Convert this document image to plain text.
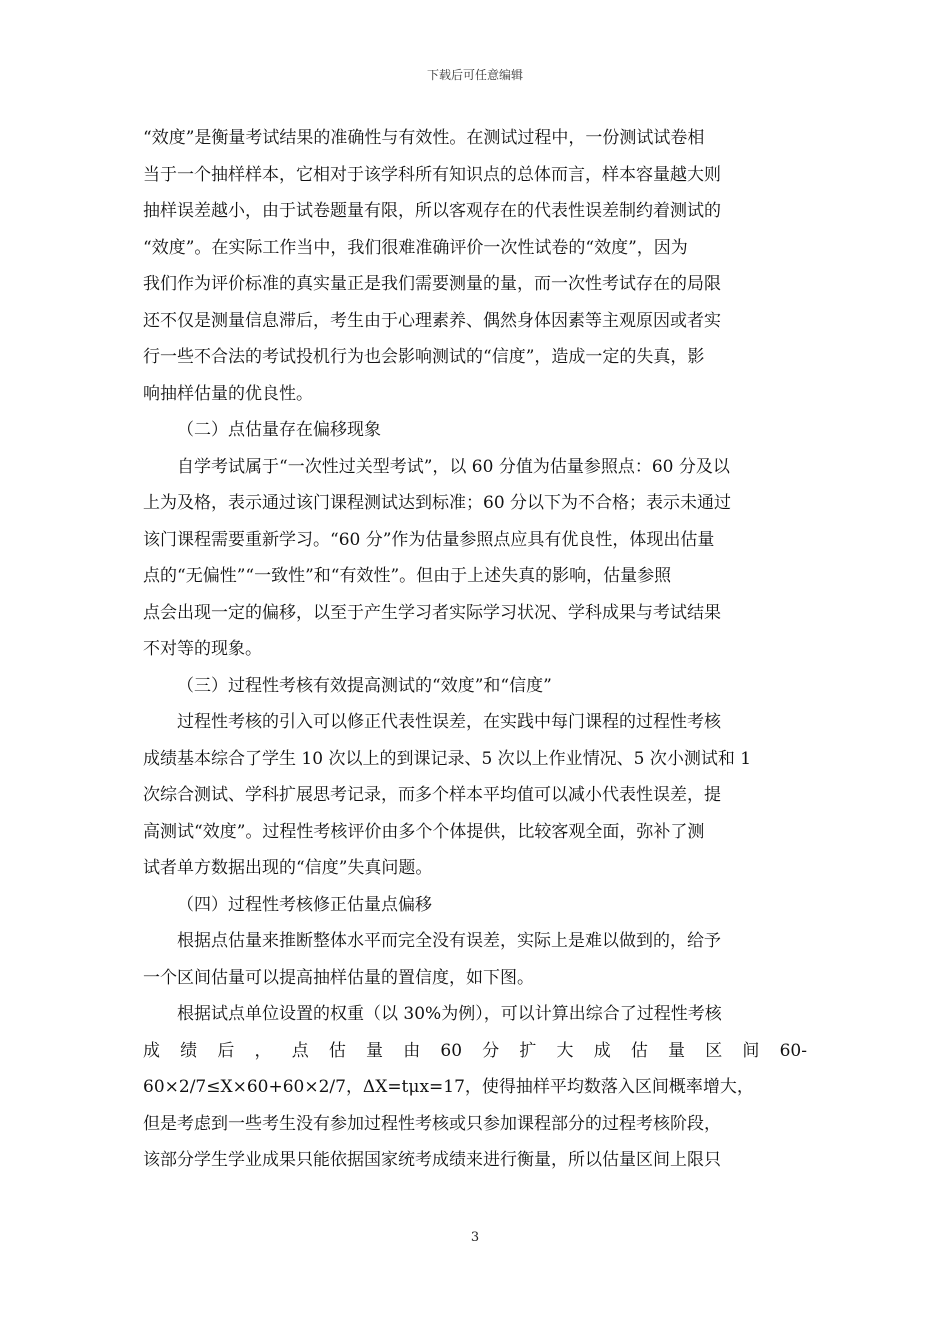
下载后可任意编辑
“效度”是衡量考试结果的准确性与有效性。在测试过程中，一份测试试卷相
当于一个抽样样本，它相对于该学科所有知识点的总体而言，样本容量越大则
抽样误差越小，由于试卷题量有限，所以客观存在的代表性误差制约着测试的
“效度”。在实际工作当中，我们很难准确评价一次性试卷的“效度”，因为
我们作为评价标准的真实量正是我们需要测量的量，而一次性考试存在的局限
还不仅是测量信息滞后，考生由于心理素养、偶然身体因素等主观原因或者实
行一些不合法的考试投机行为也会影响测试的“信度”，造成一定的失真，影
响抽样估量的优良性。
（二）点估量存在偏移现象
自学考试属于“一次性过关型考试”，以 60 分值为估量参照点：60 分及以
上为及格，表示通过该门课程测试达到标准；60 分以下为不合格；表示未通过
该门课程需要重新学习。“60 分”作为估量参照点应具有优良性，体现出估量
点的“无偏性”“一致性”和“有效性”。但由于上述失真的影响，估量参照
点会出现一定的偏移，以至于产生学习者实际学习状况、学科成果与考试结果
不对等的现象。
（三）过程性考核有效提高测试的“效度”和“信度”
过程性考核的引入可以修正代表性误差，在实践中每门课程的过程性考核
成绩基本综合了学生 10 次以上的到课记录、5 次以上作业情况、5 次小测试和 1
次综合测试、学科扩展思考记录，而多个样本平均值可以减小代表性误差，提
高测试“效度”。过程性考核评价由多个个体提供，比较客观全面，弥补了测
试者单方数据出现的“信度”失真问题。
（四）过程性考核修正估量点偏移
根据点估量来推断整体水平而完全没有误差，实际上是难以做到的，给予
一个区间估量可以提高抽样估量的置信度，如下图。
根据试点单位设置的权重（以 30%为例），可以计算出综合了过程性考核
成 绩 后 ， 点 估 量 由 60 分 扩 大 成 估 量 区 间 60-
60×2/7≤X×60+60×2/7，ΔX=tμx=17，使得抽样平均数落入区间概率增大，
但是考虑到一些考生没有参加过程性考核或只参加课程部分的过程考核阶段，
该部分学生学业成果只能依据国家统考成绩来进行衡量，所以估量区间上限只
3
